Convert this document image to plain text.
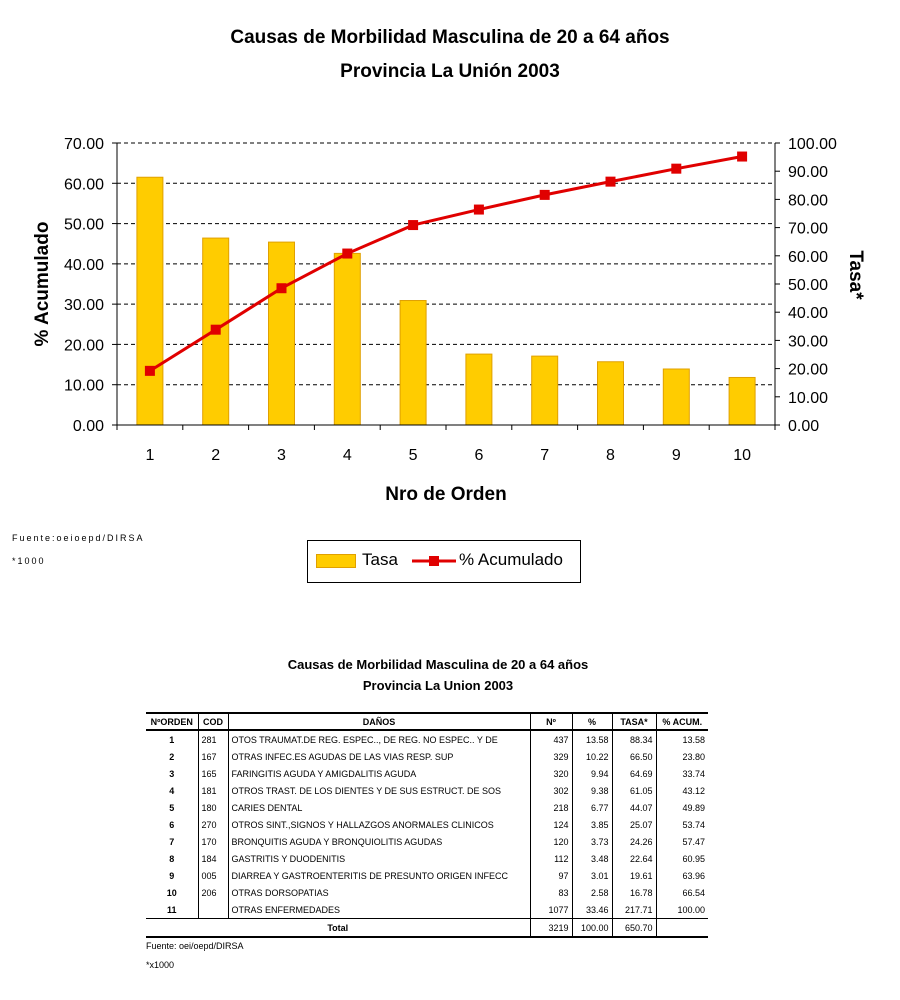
Causas de Morbilidad Masculina de 20 a 64 años
Provincia La Unión 2003
0.00
10.00
20.00
30.00
40.00
50.00
60.00
70.00
0.00
10.00
20.00
30.00
40.00
50.00
60.00
70.00
80.00
90.00
100.00
1	2	3	4	5	6	7	8	9	10
Nro de Orden
% Acumulado	Tasa*
Fuente:oeioepd/DIRSA
*1000	Tasa	% Acumulado
Causas de Morbilidad Masculina de 20 a 64 años
Provincia La Union 2003
NºORDEN	COD	DAÑOS	Nº	%	TASA*	% ACUM.
1	281	OTOS TRAUMAT.DE REG. ESPEC.., DE REG. NO ESPEC.. Y DE	437	13.58	88.34	13.58
2	167	OTRAS INFEC.ES AGUDAS DE LAS VIAS RESP. SUP	329	10.22	66.50	23.80
3	165	FARINGITIS AGUDA Y AMIGDALITIS AGUDA	320	9.94	64.69	33.74
4	181	OTROS TRAST. DE LOS DIENTES Y DE SUS ESTRUCT. DE SOS	302	9.38	61.05	43.12
5	180	CARIES DENTAL	218	6.77	44.07	49.89
6	270	OTROS SINT.,SIGNOS Y HALLAZGOS ANORMALES CLINICOS	124	3.85	25.07	53.74
7	170	BRONQUITIS AGUDA Y BRONQUIOLITIS AGUDAS	120	3.73	24.26	57.47
8	184	GASTRITIS Y DUODENITIS	112	3.48	22.64	60.95
9	005	DIARREA Y GASTROENTERITIS DE PRESUNTO ORIGEN INFECC	97	3.01	19.61	63.96
10	206	OTRAS DORSOPATIAS	83	2.58	16.78	66.54
11		OTRAS ENFERMEDADES	1077	33.46	217.71	100.00
Total			3219	100.00	650.70	
Fuente: oei/oepd/DIRSA
*x1000
